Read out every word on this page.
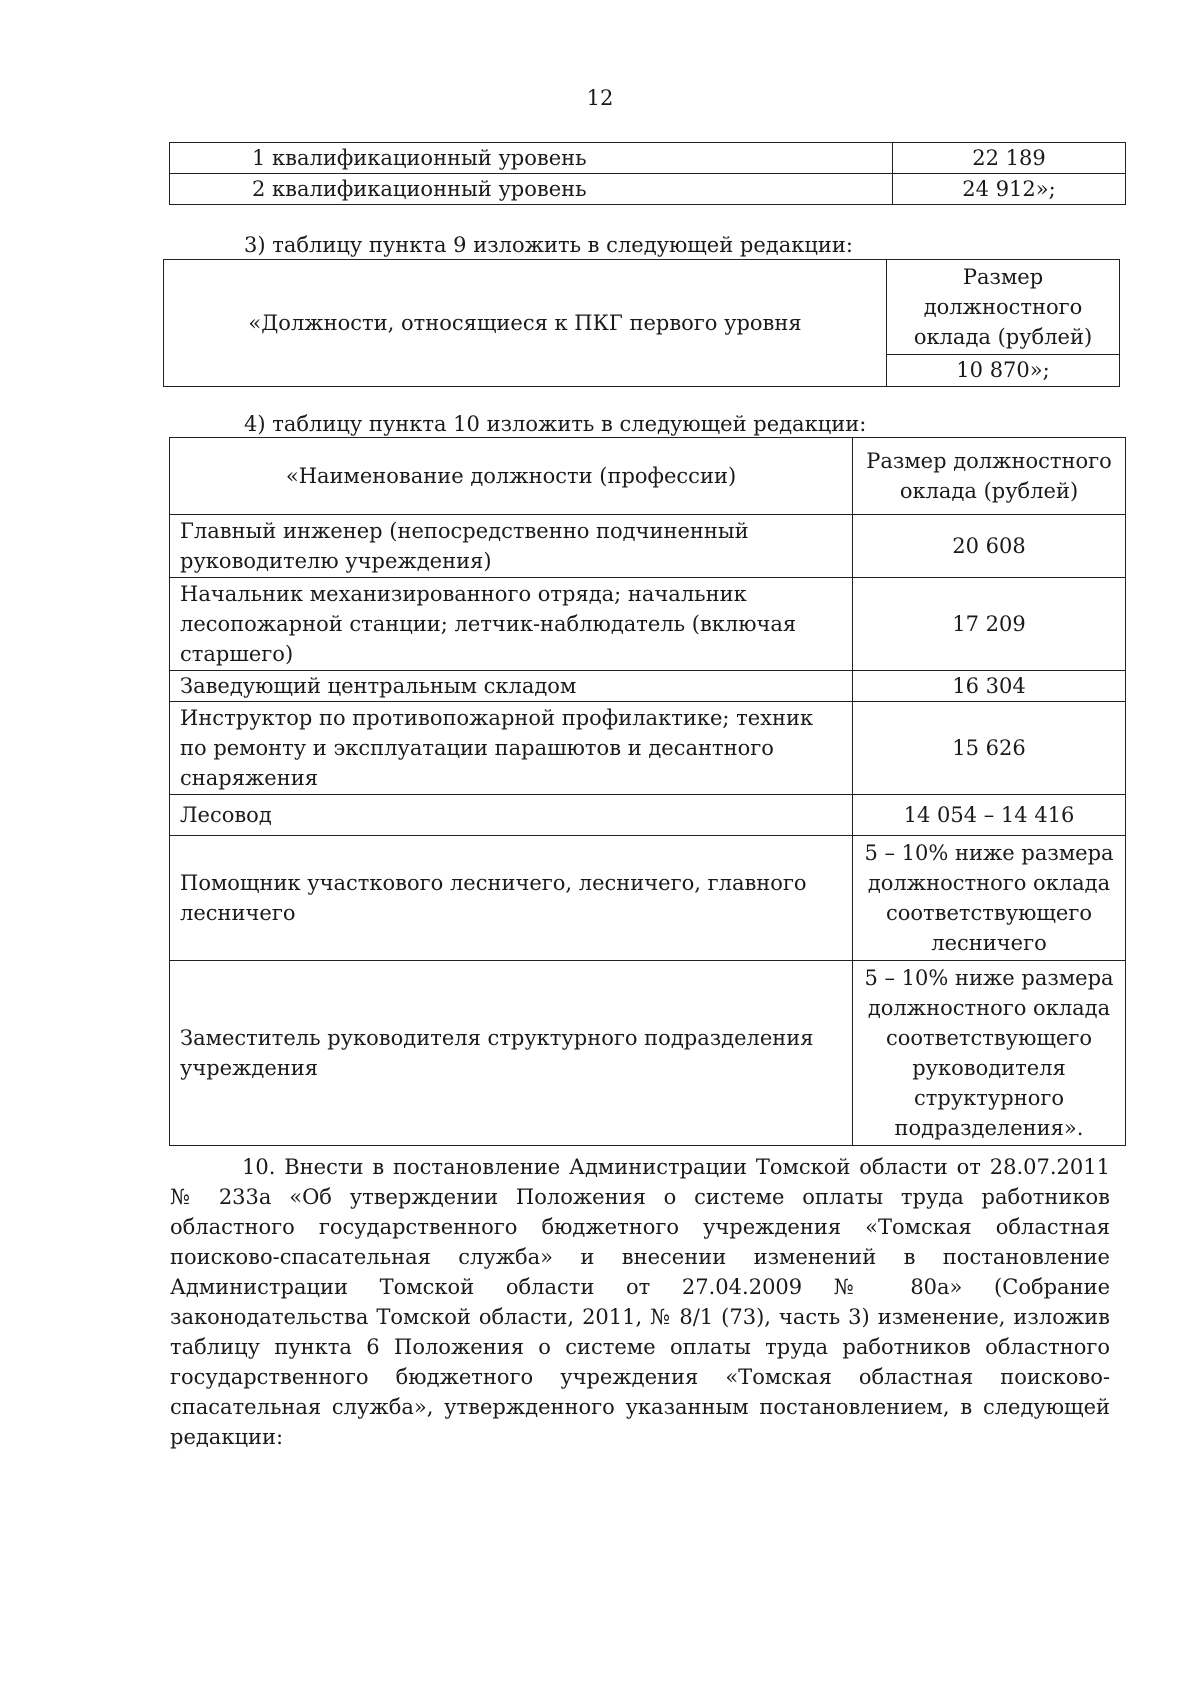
12
1 квалификационный уровень	22 189
2 квалификационный уровень	24 912»;
3) таблицу пункта 9 изложить в следующей редакции:
«Должности, относящиеся к ПКГ первого уровня	Размер должностного оклада (рублей)
10 870»;
4) таблицу пункта 10 изложить в следующей редакции:
«Наименование должности (профессии)	Размер должностного оклада (рублей)
Главный инженер (непосредственно подчиненный руководителю учреждения)	20 608
Начальник механизированного отряда; начальник лесопожарной станции; летчик-наблюдатель (включая старшего)	17 209
Заведующий центральным складом	16 304
Инструктор по противопожарной профилактике; техник по ремонту и эксплуатации парашютов и десантного снаряжения	15 626
Лесовод	14 054 – 14 416
Помощник участкового лесничего, лесничего, главного лесничего	5 – 10% ниже размера должностного оклада соответствующего лесничего
Заместитель руководителя структурного подразделения учреждения	5 – 10% ниже размера должностного оклада соответствующего руководителя структурного подразделения».

10. Внести в постановление Администрации Томской области от 28.07.2011 № 233а «Об утверждении Положения о системе оплаты труда работников областного государственного бюджетного учреждения «Томская областная поисково-спасательная служба» и внесении изменений в постановление Администрации Томской области от 27.04.2009 № 80а» (Собрание законодательства Томской области, 2011, № 8/1 (73), часть 3) изменение, изложив таблицу пункта 6 Положения о системе оплаты труда работников областного государственного бюджетного учреждения «Томская областная поисково-спасательная служба», утвержденного указанным постановлением, в следующей редакции:
